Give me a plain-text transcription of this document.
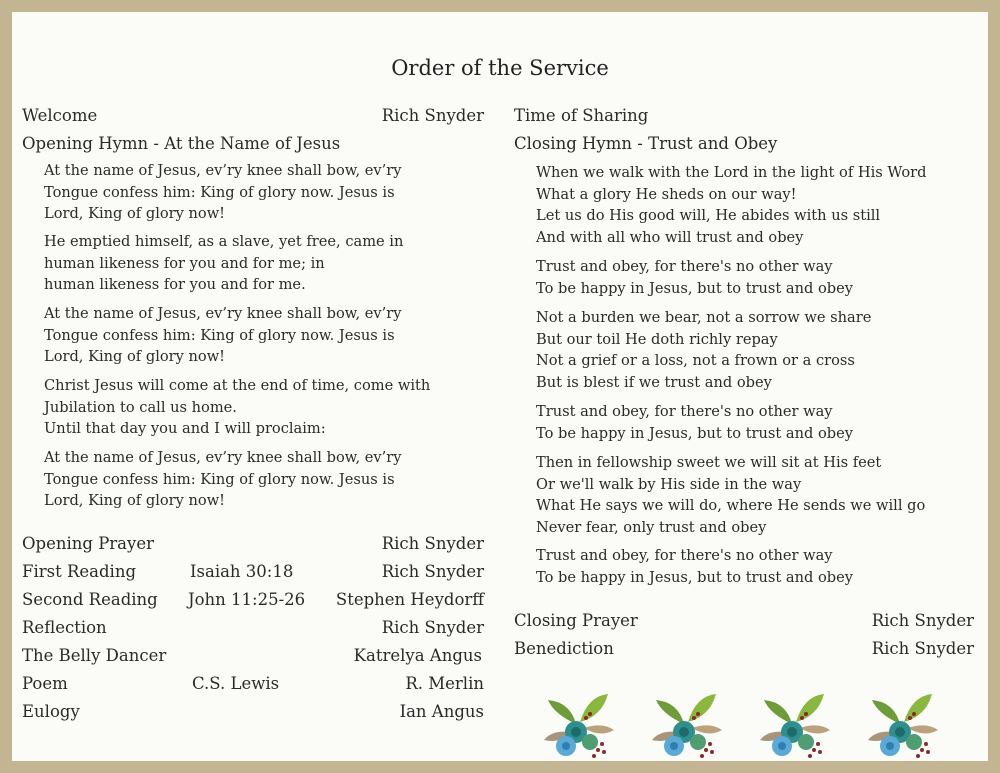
Order of the Service
Welcome	Rich Snyder
Opening Hymn - At the Name of Jesus
At the name of Jesus, ev’ry knee shall bow, ev’ry
Tongue confess him: King of glory now. Jesus is
Lord, King of glory now!
He emptied himself, as a slave, yet free, came in
human likeness for you and for me; in
human likeness for you and for me.
At the name of Jesus, ev’ry knee shall bow, ev’ry
Tongue confess him: King of glory now. Jesus is
Lord, King of glory now!
Christ Jesus will come at the end of time, come with
Jubilation to call us home.
Until that day you and I will proclaim:
At the name of Jesus, ev’ry knee shall bow, ev’ry
Tongue confess him: King of glory now. Jesus is
Lord, King of glory now!
Opening Prayer	Rich Snyder
First Reading	Isaiah 30:18	Rich Snyder
Second Reading John 11:25-26 Stephen Heydorff
Reflection	Rich Snyder
The Belly Dancer	Katrelya Angus
Poem	C.S. Lewis	R. Merlin
Eulogy	Ian Angus
Time of Sharing
Closing Hymn - Trust and Obey
When we walk with the Lord in the light of His Word
What a glory He sheds on our way!
Let us do His good will, He abides with us still
And with all who will trust and obey
Trust and obey, for there's no other way
To be happy in Jesus, but to trust and obey
Not a burden we bear, not a sorrow we share
But our toil He doth richly repay
Not a grief or a loss, not a frown or a cross
But is blest if we trust and obey
Trust and obey, for there's no other way
To be happy in Jesus, but to trust and obey
Then in fellowship sweet we will sit at His feet
Or we'll walk by His side in the way
What He says we will do, where He sends we will go
Never fear, only trust and obey
Trust and obey, for there's no other way
To be happy in Jesus, but to trust and obey
Closing Prayer	Rich Snyder
Benediction	Rich Snyder
